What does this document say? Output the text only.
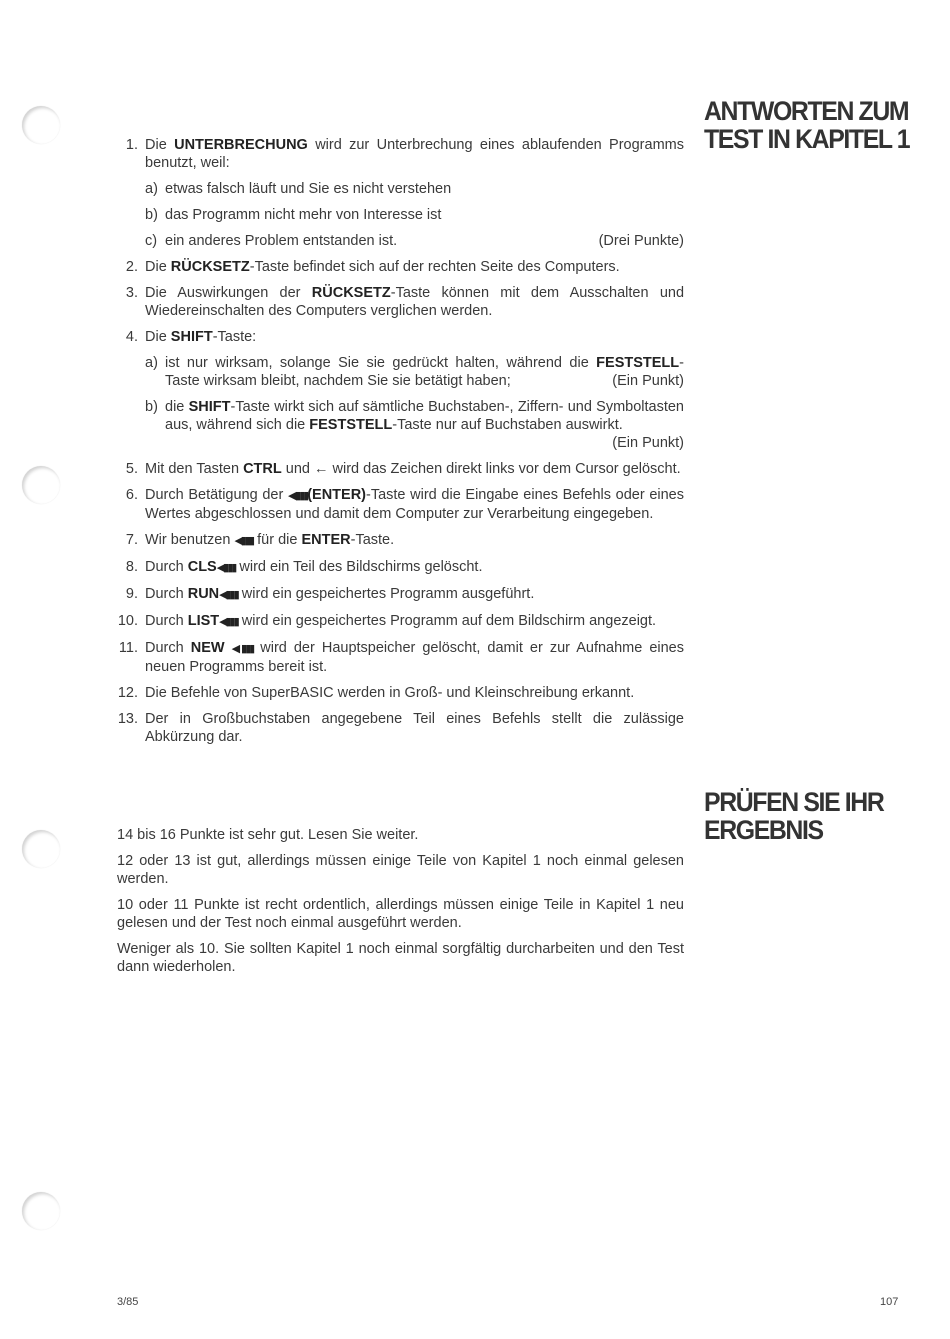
ANTWORTEN ZUM
TEST IN KAPITEL 1
PRÜFEN SIE IHR
ERGEBNIS
1. Die UNTERBRECHUNG wird zur Unterbrechung eines ablaufenden Programms benutzt, weil:
a) etwas falsch läuft und Sie es nicht verstehen
b) das Programm nicht mehr von Interesse ist
c) ein anderes Problem entstanden ist.	(Drei Punkte)
2. Die RÜCKSETZ-Taste befindet sich auf der rechten Seite des Computers.
3. Die Auswirkungen der RÜCKSETZ-Taste können mit dem Ausschalten und Wiedereinschalten des Computers verglichen werden.
4. Die SHIFT-Taste:
a) ist nur wirksam, solange Sie sie gedrückt halten, während die FESTSTELL-Taste wirksam bleibt, nachdem Sie sie betätigt haben;	(Ein Punkt)
b) die SHIFT-Taste wirkt sich auf sämtliche Buchstaben-, Ziffern- und Symboltasten aus, während sich die FESTSTELL-Taste nur auf Buchstaben auswirkt.
(Ein Punkt)
5. Mit den Tasten CTRL und ← wird das Zeichen direkt links vor dem Cursor gelöscht.
6. Durch Betätigung der ◀▮▮▮(ENTER)-Taste wird die Eingabe eines Befehls oder eines Wertes abgeschlossen und damit dem Computer zur Verarbeitung eingegeben.
7. Wir benutzen ◀▮▮▮ für die ENTER-Taste.
8. Durch CLS◀▮▮▮ wird ein Teil des Bildschirms gelöscht.
9. Durch RUN◀▮▮▮ wird ein gespeichertes Programm ausgeführt.
10. Durch LIST◀▮▮▮ wird ein gespeichertes Programm auf dem Bildschirm angezeigt.
11. Durch NEW ◀▮▮▮ wird der Hauptspeicher gelöscht, damit er zur Aufnahme eines neuen Programms bereit ist.
12. Die Befehle von SuperBASIC werden in Groß- und Kleinschreibung erkannt.
13. Der in Großbuchstaben angegebene Teil eines Befehls stellt die zulässige Abkürzung dar.

14 bis 16 Punkte ist sehr gut. Lesen Sie weiter.

12 oder 13 ist gut, allerdings müssen einige Teile von Kapitel 1 noch einmal gelesen werden.

10 oder 11 Punkte ist recht ordentlich, allerdings müssen einige Teile in Kapitel 1 neu gelesen und der Test noch einmal ausgeführt werden.

Weniger als 10. Sie sollten Kapitel 1 noch einmal sorgfältig durcharbeiten und den Test dann wiederholen.

3/85	107
